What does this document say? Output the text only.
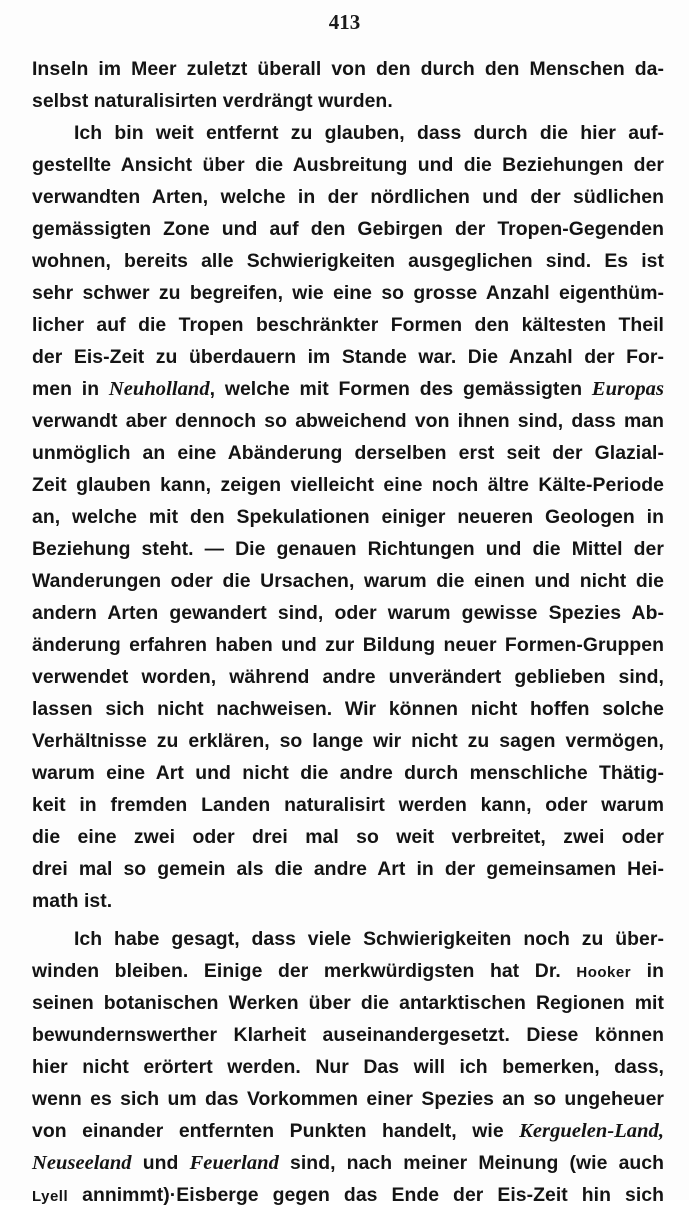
413

Inseln im Meer zuletzt überall von den durch den Menschen da-
selbst naturalisirten verdrängt wurden.
Ich bin weit entfernt zu glauben, dass durch die hier auf-
gestellte Ansicht über die Ausbreitung und die Beziehungen der
verwandten Arten, welche in der nördlichen und der südlichen
gemässigten Zone und auf den Gebirgen der Tropen-Gegenden
wohnen, bereits alle Schwierigkeiten ausgeglichen sind. Es ist
sehr schwer zu begreifen, wie eine so grosse Anzahl eigenthüm-
licher auf die Tropen beschränkter Formen den kältesten Theil
der Eis-Zeit zu überdauern im Stande war. Die Anzahl der For-
men in Neuholland, welche mit Formen des gemässigten Europas
verwandt aber dennoch so abweichend von ihnen sind, dass man
unmöglich an eine Abänderung derselben erst seit der Glazial-
Zeit glauben kann, zeigen vielleicht eine noch ältre Kälte-Periode
an, welche mit den Spekulationen einiger neueren Geologen in
Beziehung steht. — Die genauen Richtungen und die Mittel der
Wanderungen oder die Ursachen, warum die einen und nicht die
andern Arten gewandert sind, oder warum gewisse Spezies Ab-
änderung erfahren haben und zur Bildung neuer Formen-Gruppen
verwendet worden, während andre unverändert geblieben sind,
lassen sich nicht nachweisen. Wir können nicht hoffen solche
Verhältnisse zu erklären, so lange wir nicht zu sagen vermögen,
warum eine Art und nicht die andre durch menschliche Thätig-
keit in fremden Landen naturalisirt werden kann, oder warum
die eine zwei oder drei mal so weit verbreitet, zwei oder
drei mal so gemein als die andre Art in der gemeinsamen Hei-
math ist.
Ich habe gesagt, dass viele Schwierigkeiten noch zu über-
winden bleiben. Einige der merkwürdigsten hat Dr. Hooker in
seinen botanischen Werken über die antarktischen Regionen mit
bewundernswerther Klarheit auseinandergesetzt. Diese können
hier nicht erörtert werden. Nur Das will ich bemerken, dass,
wenn es sich um das Vorkommen einer Spezies an so ungeheuer
von einander entfernten Punkten handelt, wie Kerguelen-Land,
Neuseeland und Feuerland sind, nach meiner Meinung (wie auch
Lyell annimmt)·Eisberge gegen das Ende der Eis-Zeit hin sich
